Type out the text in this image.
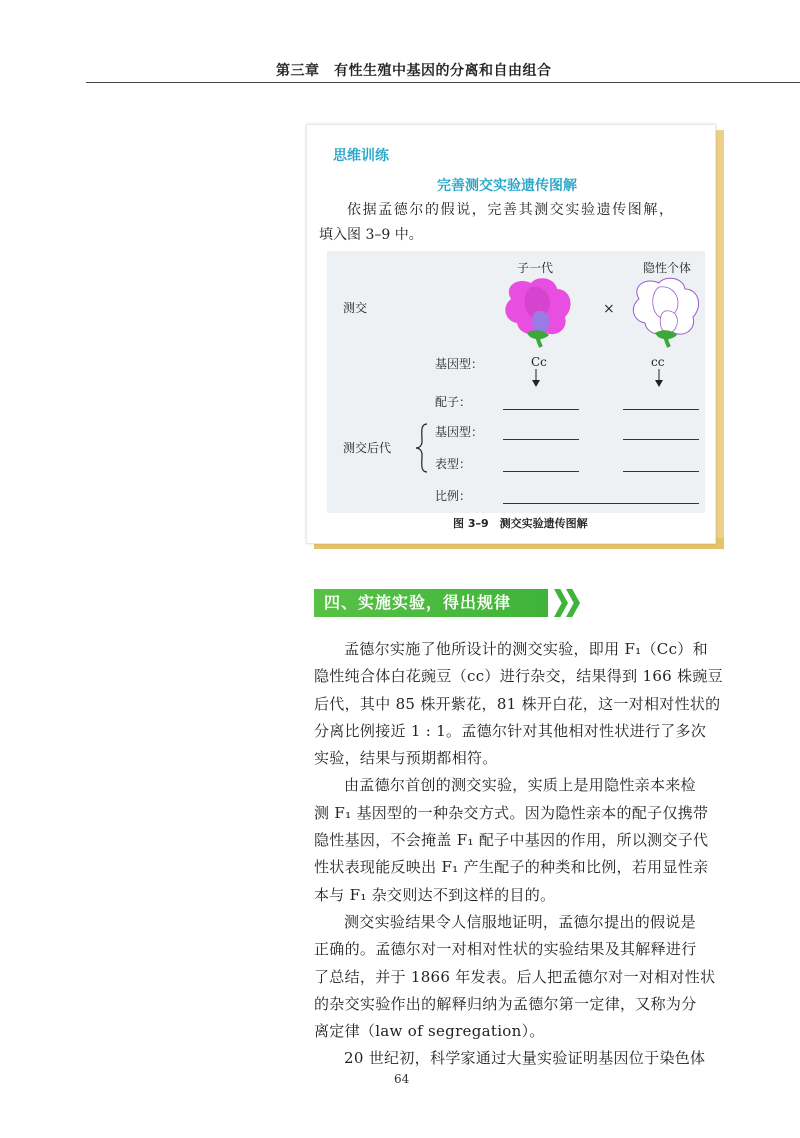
第三章　有性生殖中基因的分离和自由组合
思维训练
完善测交实验遗传图解
依据孟德尔的假说，完善其测交实验遗传图解，
填入图 3–9 中。
子一代	隐性个体
测交	×
基因型：	Cc	cc
配子：
测交后代
基因型：
表型：
比例：
图 3–9　测交实验遗传图解
四、实施实验，得出规律

孟德尔实施了他所设计的测交实验，即用 F₁（Cc）和
隐性纯合体白花豌豆（cc）进行杂交，结果得到 166 株豌豆
后代，其中 85 株开紫花，81 株开白花，这一对相对性状的
分离比例接近 1 : 1。孟德尔针对其他相对性状进行了多次
实验，结果与预期都相符。

由孟德尔首创的测交实验，实质上是用隐性亲本来检
测 F₁ 基因型的一种杂交方式。因为隐性亲本的配子仅携带
隐性基因，不会掩盖 F₁ 配子中基因的作用，所以测交子代
性状表现能反映出 F₁ 产生配子的种类和比例，若用显性亲
本与 F₁ 杂交则达不到这样的目的。

测交实验结果令人信服地证明，孟德尔提出的假说是
正确的。孟德尔对一对相对性状的实验结果及其解释进行
了总结，并于 1866 年发表。后人把孟德尔对一对相对性状
的杂交实验作出的解释归纳为孟德尔第一定律，又称为分
离定律（law of segregation）。

20 世纪初，科学家通过大量实验证明基因位于染色体

64
